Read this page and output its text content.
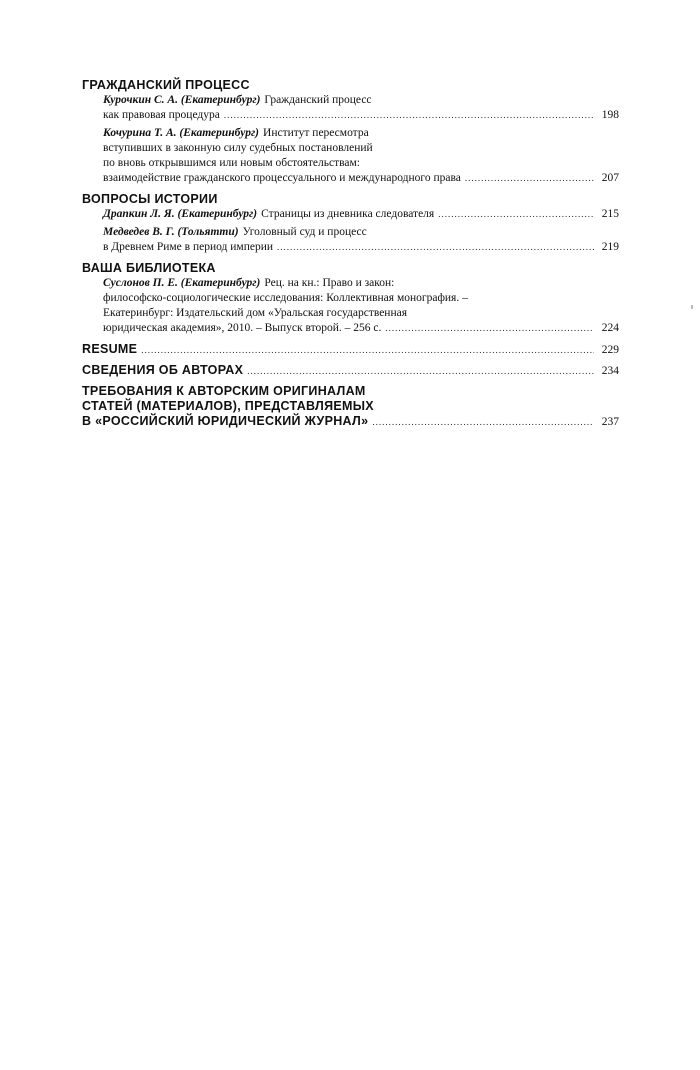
ГРАЖДАНСКИЙ ПРОЦЕСС
Курочкин С. А. (Екатеринбург) Гражданский процесс
как правовая процедура .....	198
Кочурина Т. А. (Екатеринбург) Институт пересмотра
вступивших в законную силу судебных постановлений
по вновь открывшимся или новым обстоятельствам:
взаимодействие гражданского процессуального и международного права .....	207
ВОПРОСЫ ИСТОРИИ
Драпкин Л. Я. (Екатеринбург) Страницы из дневника следователя .....	215
Медведев В. Г. (Тольятти) Уголовный суд и процесс
в Древнем Риме в период империи .....	219
ВАША БИБЛИОТЕКА
Суслонов П. Е. (Екатеринбург) Рец. на кн.: Право и закон:
философско-социологические исследования: Коллективная монография. –
Екатеринбург: Издательский дом «Уральская государственная
юридическая академия», 2010. – Выпуск второй. – 256 с. .....	224
RESUME .....	229
СВЕДЕНИЯ ОБ АВТОРАХ .....	234
ТРЕБОВАНИЯ К АВТОРСКИМ ОРИГИНАЛАМ
СТАТЕЙ (МАТЕРИАЛОВ), ПРЕДСТАВЛЯЕМЫХ
В «РОССИЙСКИЙ ЮРИДИЧЕСКИЙ ЖУРНАЛ» .....	237
